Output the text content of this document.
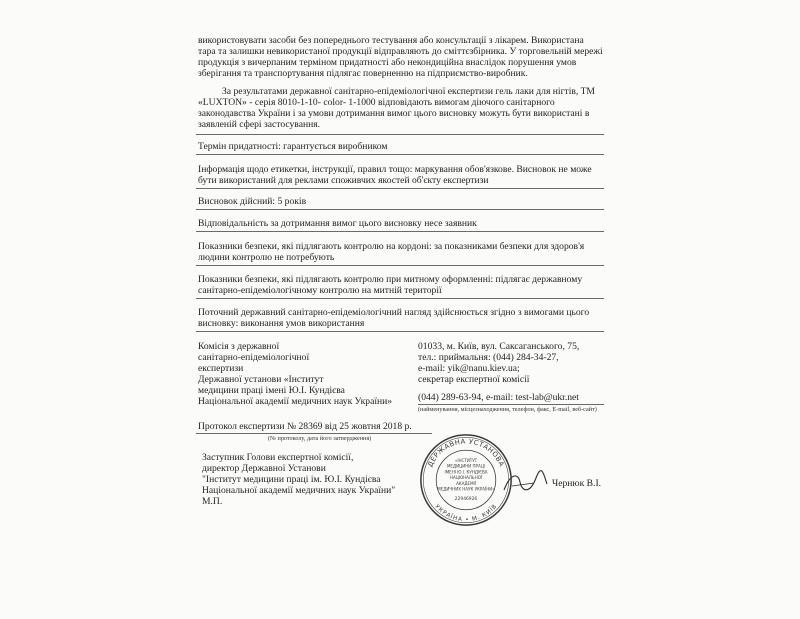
використовувати засоби без попереднього тестування або консультації з лікарем. Використана
тара та залишки невикористаної продукції відправляють до сміттєзбірника. У торговельній мережі
продукція з вичерпаним терміном придатності або некондиційна внаслідок порушення умов
зберігання та транспортування підлягає поверненню на підприємство-виробник.
За результатами державної санітарно-епідеміологічної експертизи гель лаки для нігтів, ТМ
«LUXTON» - серія 8010-1-10- color- 1-1000 відповідають вимогам діючого санітарного
законодавства України і за умови дотримання вимог цього висновку можуть бути використані в
заявленій сфері застосування.
Термін придатності: гарантується виробником
Інформація щодо етикетки, інструкції, правил тощо: маркування обов'язкове. Висновок не може
бути використаний для реклами споживчих якостей об'єкту експертизи
Висновок дійсний: 5 років
Відповідальність за дотримання вимог цього висновку несе заявник
Показники безпеки, які підлягають контролю на кордоні: за показниками безпеки для здоров'я
людини контролю не потребують
Показники безпеки, які підлягають контролю при митному оформленні: підлягає державному
санітарно-епідеміологічному контролю на митній території
Поточний державний санітарно-епідеміологічний нагляд здійснюється згідно з вимогами цього
висновку: виконання умов використання
Комісія з державної
санітарно-епідеміологічної
експертизи
Державної установи «Інститут
медицини праці імені Ю.І. Кундієва
Національної академії медичних наук України»
01033, м. Київ, вул. Саксаганського, 75,
тел.: приймальня: (044) 284-34-27,
e-mail: yik@nanu.kiev.ua;
секретар експертної комісії
(044) 289-63-94, e-mail: test-lab@ukr.net
(найменування, місцезнаходження, телефон, факс, E-mail, веб-сайт)
Протокол експертизи № 28369 від 25 жовтня 2018 р.
(№ протоколу, дата його затвердження)
Заступник Голови експертної комісії,
директор Державної Установи
"Інститут медицини праці ім. Ю.І. Кундієва
Національної академії медичних наук України"
М.П.
Чернюк В.І.
ДЕРЖАВНА УСТАНОВА
УКРАЇНА • М. КИЇВ
«ІНСТИТУТ
МЕДИЦИНИ ПРАЦІ
ІМЕНІ Ю.І. КУНДІЄВА
НАЦІОНАЛЬНОЇ
АКАДЕМІЇ
МЕДИЧНИХ НАУК УКРАЇНИ»
22946926
